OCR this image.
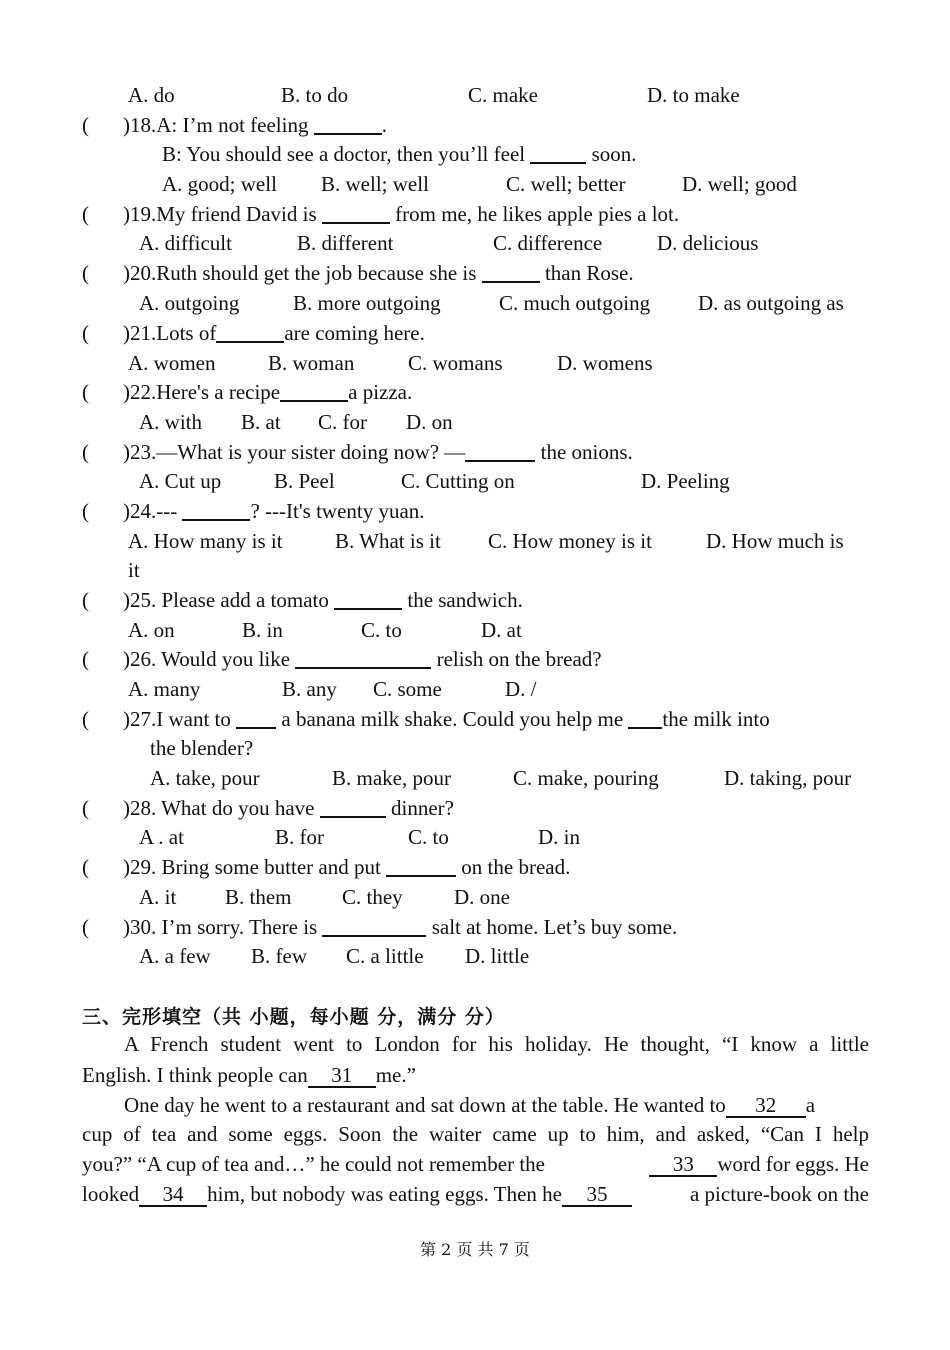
A. do	B. to do	C. make	D. to make
( )18.A: I’m not feeling	.
B: You should see a doctor, then you’ll feel	soon.
A. good; well B. well; well	C. well; better	D. well; good
( )19.My friend David is	from me, he likes apple pies a lot.
A. difficult	B. different	C. difference	D. delicious
( )20.Ruth should get the job because she is	than Rose.
A. outgoing	B. more outgoing	C. much outgoing D. as outgoing as
( )21.Lots of	are coming here.
A. women	B. woman	C. womans	D. womens
( )22.Here's a recipe	a pizza.
A. with B. at C. for D. on
( )23.—What is your sister doing now? —	the onions.
A. Cut up	B. Peel	C. Cutting on	D. Peeling
( )24.---	? ---It's twenty yuan.
A. How many is it B. What is it C. How money is it	D. How much is
it
( )25. Please add a tomato	the sandwich.
A. on	B. in	C. to	D. at
( )26. Would you like	relish on the bread?
A. many	B. any C. some	D. /
( )27.I want to  a banana milk shake. Could you help me the milk into
the blender?
A. take, pour	B. make, pour	C. make, pouring	D. taking, pour
( )28. What do you have	dinner?
A . at	B. for	C. to	D. in
( )29. Bring some butter and put	on the bread.
A. it B. them C. they D. one
( )30. I’m sorry. There is	salt at home. Let’s buy some.
A. a few B. few C. a little D. little
三、完形填空（共 小题，每小题 分，满分 分）
A French student went to London for his holiday. He thought, “I know a little
English. I think people can 31 me.”
One day he went to a restaurant and sat down at the table. He wanted to 32 a
cup of tea and some eggs. Soon the waiter came up to him, and asked, “Can I help
you?” “A cup of tea and…” he could not remember the	33 word for eggs. He
looked 34 him, but nobody was eating eggs. Then he 35	a picture-book on the
第 2 页 共 7 页
